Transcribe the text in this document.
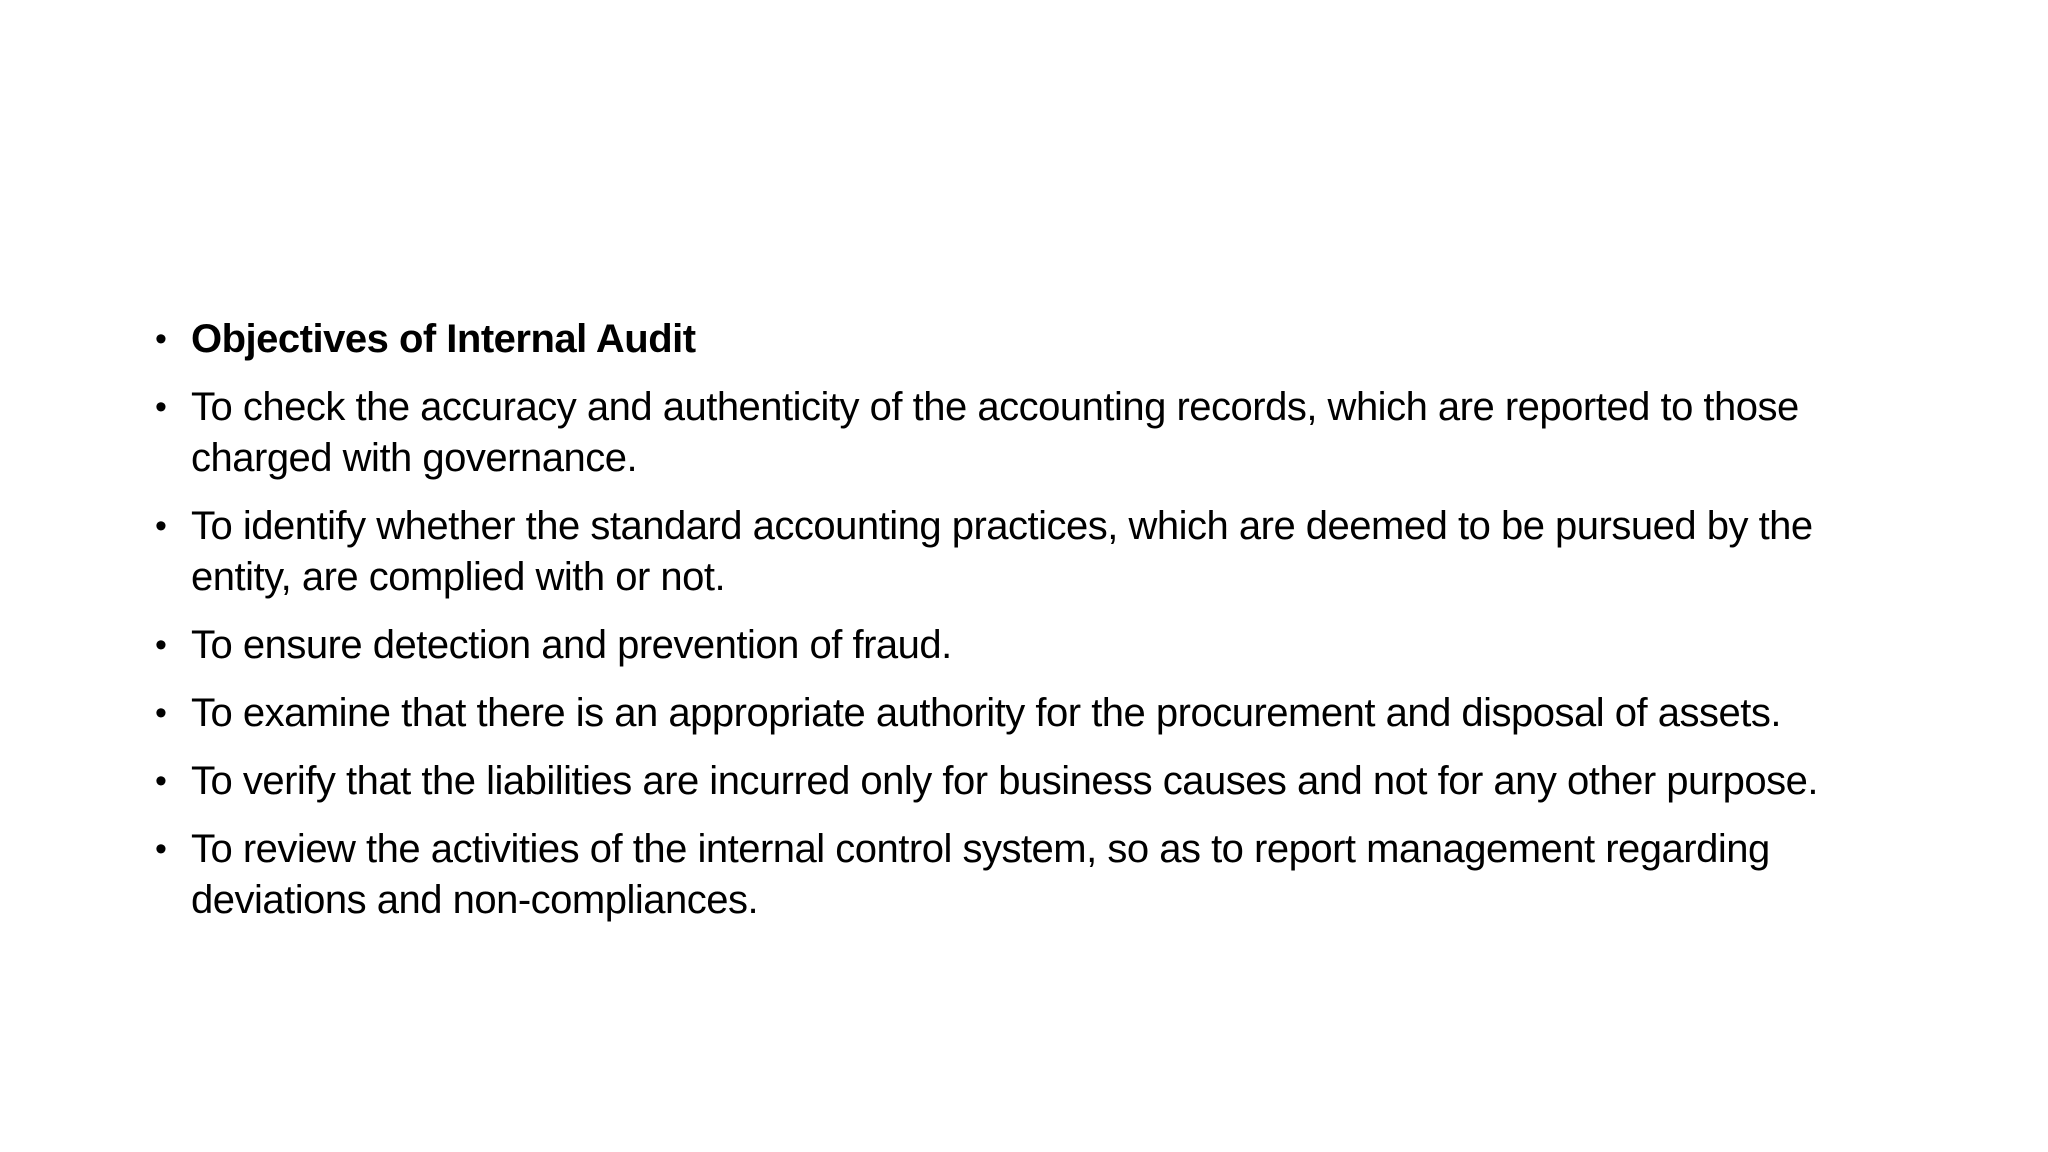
• Objectives of Internal Audit
• To check the accuracy and authenticity of the accounting records, which are reported to those charged with governance.
• To identify whether the standard accounting practices, which are deemed to be pursued by the entity, are complied with or not.
• To ensure detection and prevention of fraud.
• To examine that there is an appropriate authority for the procurement and disposal of assets.
• To verify that the liabilities are incurred only for business causes and not for any other purpose.
• To review the activities of the internal control system, so as to report management regarding deviations and non-compliances.
